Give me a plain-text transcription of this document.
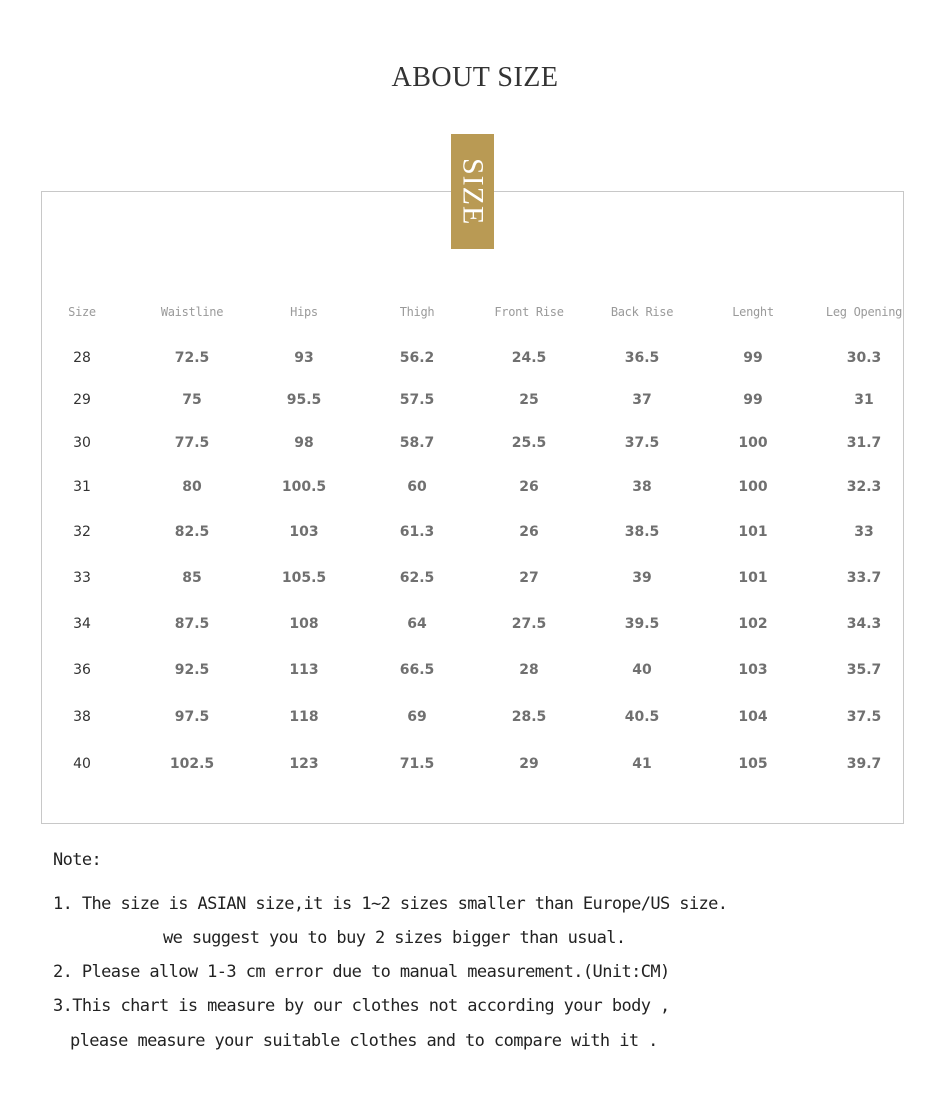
ABOUT SIZE
SIZE
Size	Waistline	Hips	Thigh	Front Rise	Back Rise	Lenght	Leg Opening
28	72.5	93	56.2	24.5	36.5	99	30.3
29	75	95.5	57.5	25	37	99	31
30	77.5	98	58.7	25.5	37.5	100	31.7
31	80	100.5	60	26	38	100	32.3
32	82.5	103	61.3	26	38.5	101	33
33	85	105.5	62.5	27	39	101	33.7
34	87.5	108	64	27.5	39.5	102	34.3
36	92.5	113	66.5	28	40	103	35.7
38	97.5	118	69	28.5	40.5	104	37.5
40	102.5	123	71.5	29	41	105	39.7
Note:
1. The size is ASIAN size,it is 1~2 sizes smaller than Europe/US size.
we suggest you to buy 2 sizes bigger than usual.
2. Please allow 1-3 cm error due to manual measurement.(Unit:CM)
3.This chart is measure by our clothes not according your body ,
please measure your suitable clothes and to compare with it .
